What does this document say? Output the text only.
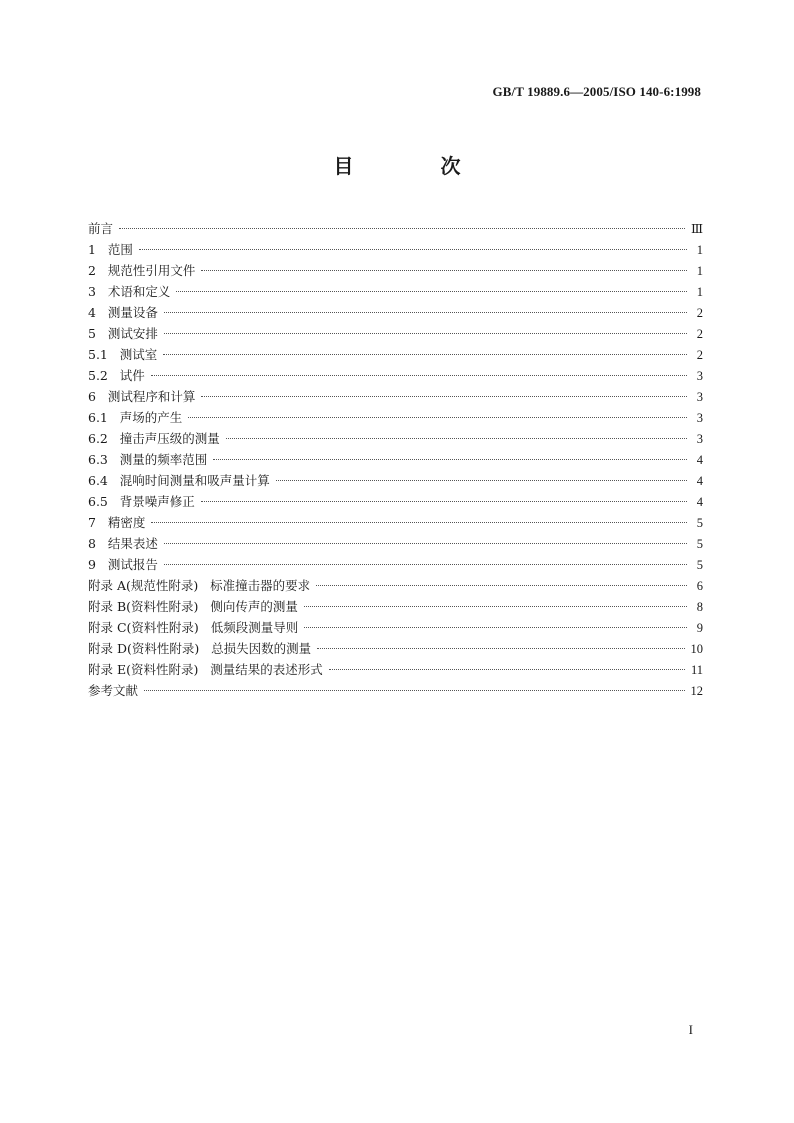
GB/T 19889.6—2005/ISO 140-6:1998
目 次
前言	Ⅲ
1   范围	1
2   规范性引用文件	1
3   术语和定义	1
4   测量设备	2
5   测试安排	2
5.1   测试室	2
5.2   试件	3
6   测试程序和计算	3
6.1   声场的产生	3
6.2   撞击声压级的测量	3
6.3   测量的频率范围	4
6.4   混响时间测量和吸声量计算	4
6.5   背景噪声修正	4
7   精密度	5
8   结果表述	5
9   测试报告	5
附录 A(规范性附录)   标准撞击器的要求	6
附录 B(资料性附录)   侧向传声的测量	8
附录 C(资料性附录)   低频段测量导则	9
附录 D(资料性附录)   总损失因数的测量	10
附录 E(资料性附录)   测量结果的表述形式	11
参考文献	12
I
